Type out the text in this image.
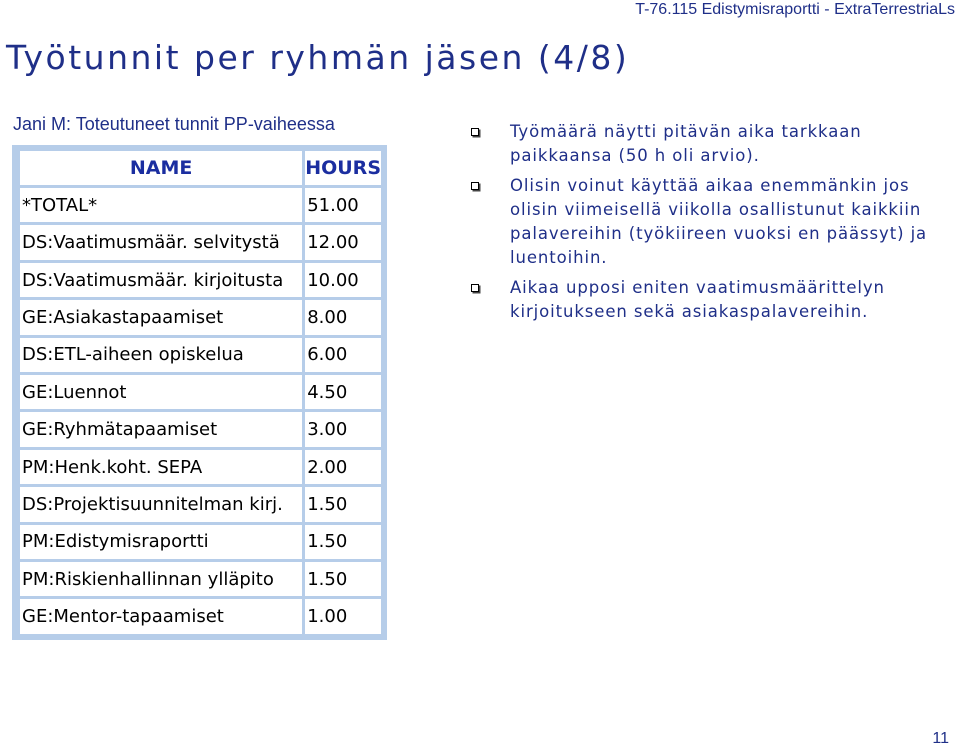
T-76.115 Edistymisraportti - ExtraTerrestriaLs
Työtunnit per ryhmän jäsen (4/8)
Jani M: Toteutuneet tunnit PP-vaiheessa
NAME	HOURS
*TOTAL*	51.00
DS:Vaatimusmäär. selvitystä	12.00
DS:Vaatimusmäär. kirjoitusta	10.00
GE:Asiakastapaamiset	8.00
DS:ETL-aiheen opiskelua	6.00
GE:Luennot	4.50
GE:Ryhmätapaamiset	3.00
PM:Henk.koht. SEPA	2.00
DS:Projektisuunnitelman kirj.	1.50
PM:Edistymisraportti	1.50
PM:Riskienhallinnan ylläpito	1.50
GE:Mentor-tapaamiset	1.00
Työmäärä näytti pitävän aika tarkkaan paikkaansa (50 h oli arvio).
Olisin voinut käyttää aikaa enemmänkin jos olisin viimeisellä viikolla osallistunut kaikkiin palavereihin (työkiireen vuoksi en päässyt) ja luentoihin.
Aikaa upposi eniten vaatimusmäärittelyn kirjoitukseen sekä asiakaspalavereihin.
11
